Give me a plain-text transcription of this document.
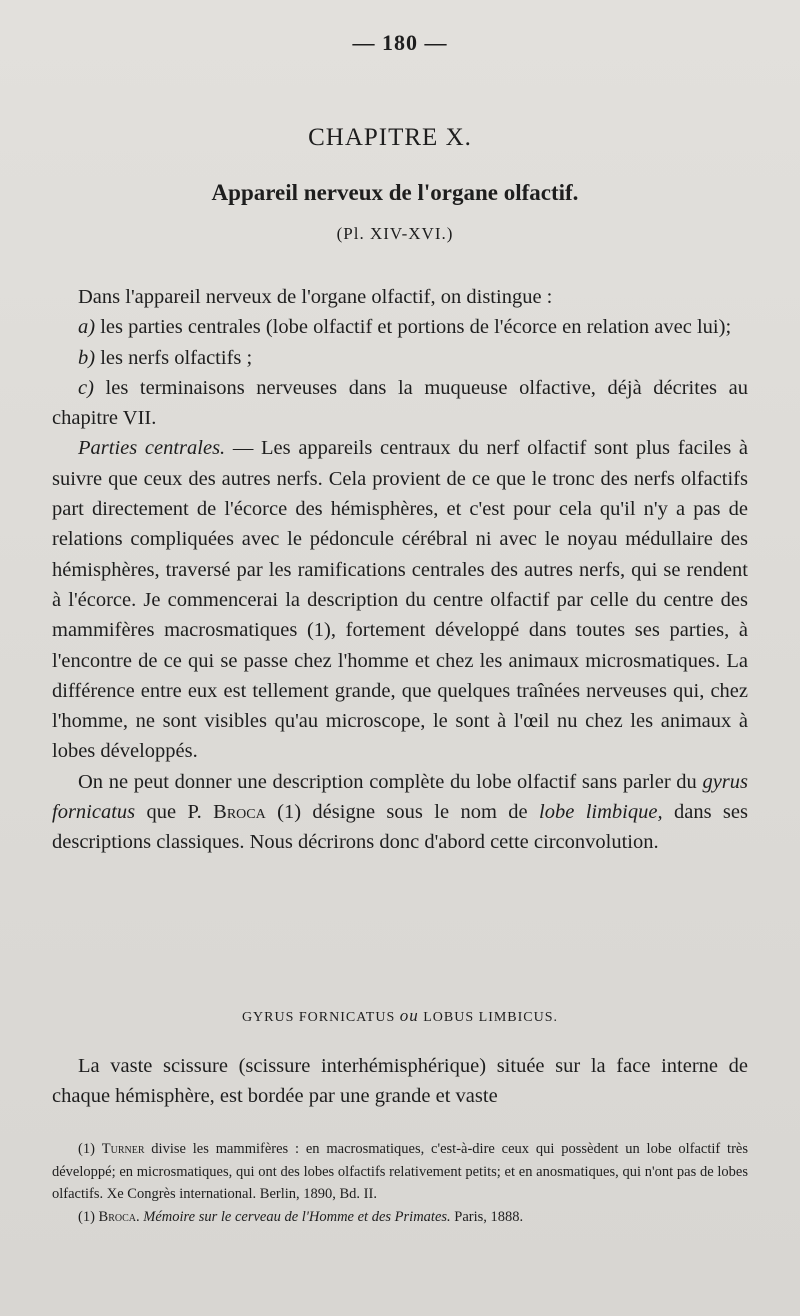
— 180 —
CHAPITRE X.
Appareil nerveux de l'organe olfactif.
(Pl. XIV-XVI.)

Dans l'appareil nerveux de l'organe olfactif, on distingue :

a) les parties centrales (lobe olfactif et portions de l'écorce en relation avec lui);

b) les nerfs olfactifs ;

c) les terminaisons nerveuses dans la muqueuse olfactive, déjà décrites au chapitre VII.

Parties centrales. — Les appareils centraux du nerf olfactif sont plus faciles à suivre que ceux des autres nerfs. Cela provient de ce que le tronc des nerfs olfactifs part directement de l'écorce des hémisphères, et c'est pour cela qu'il n'y a pas de relations compliquées avec le pédoncule cérébral ni avec le noyau médullaire des hémisphères, traversé par les ramifications centrales des autres nerfs, qui se rendent à l'écorce. Je commencerai la description du centre olfactif par celle du centre des mammifères macrosmatiques (1), fortement développé dans toutes ses parties, à l'encontre de ce qui se passe chez l'homme et chez les animaux microsmatiques. La différence entre eux est tellement grande, que quelques traînées nerveuses qui, chez l'homme, ne sont visibles qu'au microscope, le sont à l'œil nu chez les animaux à lobes développés.

On ne peut donner une description complète du lobe olfactif sans parler du gyrus fornicatus que P. Broca (1) désigne sous le nom de lobe limbique, dans ses descriptions classiques. Nous décrirons donc d'abord cette circonvolution.

GYRUS FORNICATUS ou LOBUS LIMBICUS.

La vaste scissure (scissure interhémisphérique) située sur la face interne de chaque hémisphère, est bordée par une grande et vaste

(1) Turner divise les mammifères : en macrosmatiques, c'est-à-dire ceux qui possèdent un lobe olfactif très développé; en microsmatiques, qui ont des lobes olfactifs relativement petits; et en anosmatiques, qui n'ont pas de lobes olfactifs. Xe Congrès international. Berlin, 1890, Bd. II.

(1) Broca. Mémoire sur le cerveau de l'Homme et des Primates. Paris, 1888.
